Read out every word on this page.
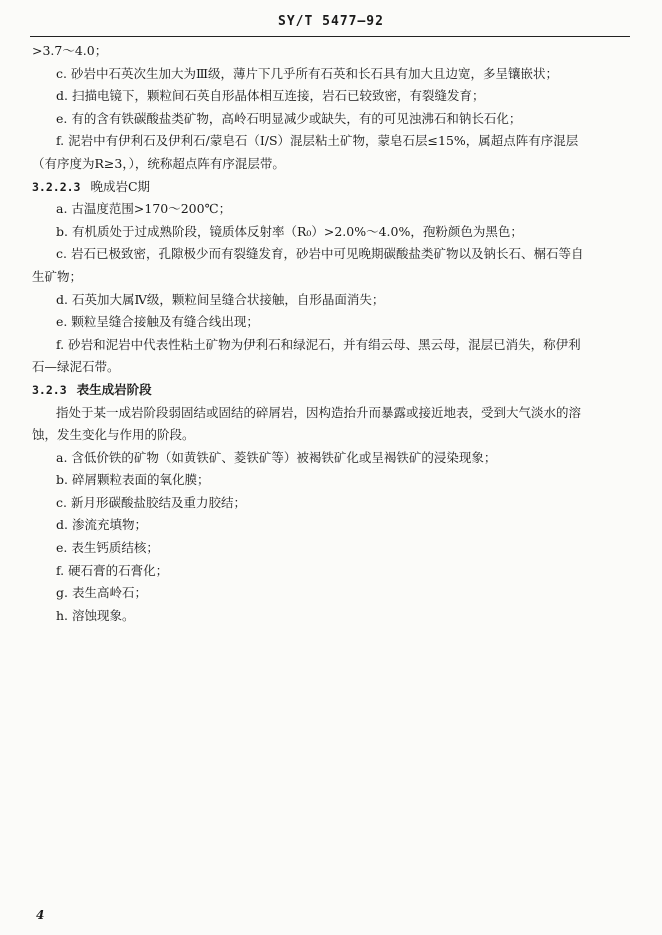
SY/T 5477—92
>3.7～4.0；
c. 砂岩中石英次生加大为Ⅲ级，薄片下几乎所有石英和长石具有加大且边宽，多呈镶嵌状；
d. 扫描电镜下，颗粒间石英自形晶体相互连接，岩石已较致密，有裂缝发育；
e. 有的含有铁碳酸盐类矿物，高岭石明显减少或缺失，有的可见浊沸石和钠长石化；
f. 泥岩中有伊利石及伊利石/蒙皂石（I/S）混层粘土矿物，蒙皂石层≤15%，属超点阵有序混层
（有序度为R≥3，），统称超点阵有序混层带。
3.2.2.3 晚成岩C期
a. 古温度范围>170～200℃；
b. 有机质处于过成熟阶段，镜质体反射率（R₀）>2.0%～4.0%，孢粉颜色为黑色；
c. 岩石已极致密，孔隙极少而有裂缝发育，砂岩中可见晚期碳酸盐类矿物以及钠长石、榍石等自
生矿物；
d. 石英加大属Ⅳ级，颗粒间呈缝合状接触，自形晶面消失；
e. 颗粒呈缝合接触及有缝合线出现；
f. 砂岩和泥岩中代表性粘土矿物为伊利石和绿泥石，并有绢云母、黑云母，混层已消失，称伊利
石—绿泥石带。
3.2.3 表生成岩阶段
指处于某一成岩阶段弱固结或固结的碎屑岩，因构造抬升而暴露或接近地表，受到大气淡水的溶
蚀，发生变化与作用的阶段。
a. 含低价铁的矿物（如黄铁矿、菱铁矿等）被褐铁矿化或呈褐铁矿的浸染现象；
b. 碎屑颗粒表面的氧化膜；
c. 新月形碳酸盐胶结及重力胶结；
d. 渗流充填物；
e. 表生钙质结核；
f. 硬石膏的石膏化；
g. 表生高岭石；
h. 溶蚀现象。
4
